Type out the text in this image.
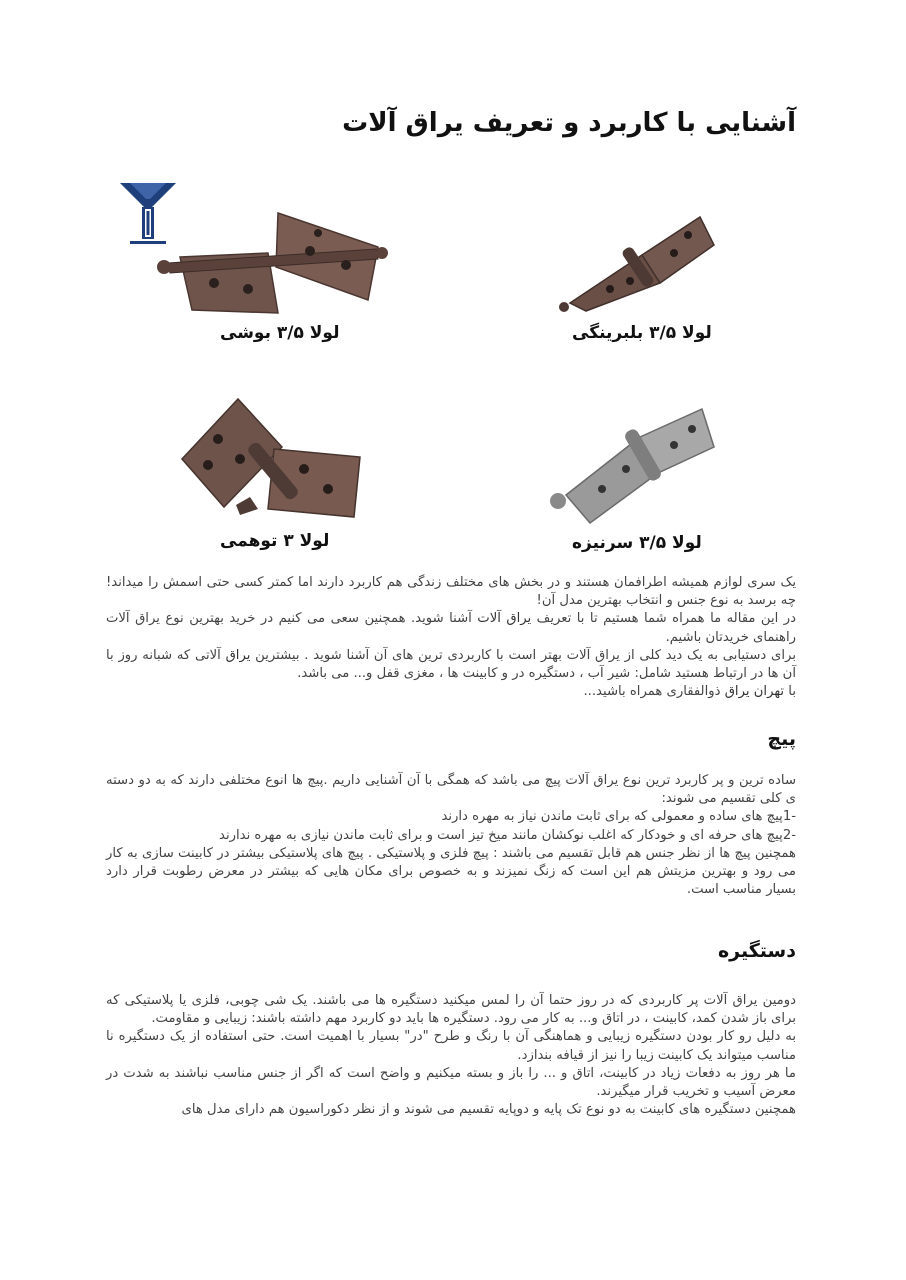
آشنایی با کاربرد و تعریف یراق آلات
لولا ۳/۵ بوشی	لولا ۳/۵ بلبرینگی
لولا ۳ توهمی	لولا ۳/۵ سرنیزه

یک سری لوازم همیشه اطرافمان هستند و در بخش های مختلف زندگی هم کاربرد دارند اما کمتر کسی حتی اسمش را میداند! چه برسد به نوع جنس و انتخاب بهترین مدل آن!

در این مقاله ما همراه شما هستیم تا با تعریف یراق آلات آشنا شوید. همچنین سعی می کنیم در خرید بهترین نوع یراق آلات راهنمای خریدتان باشیم.

برای دستیابی به یک دید کلی از یراق آلات بهتر است با کاربردی ترین های آن آشنا شوید . بیشترین یراق آلاتی که شبانه روز با آن ها در ارتباط هستید شامل: شیر آب ، دستگیره در و کابینت ها ، مغزی قفل و... می باشد.

با تهران یراق ذوالفقاری همراه باشید...

پیچ

ساده ترین و پر کاربرد ترین نوع یراق آلات پیچ می باشد که همگی با آن آشنایی داریم .پیچ ها انوع مختلفی دارند که به دو دسته ی کلی تقسیم می شوند:

-1پیچ های ساده و معمولی که برای ثابت ماندن نیاز به مهره دارند

-2پیچ های حرفه ای و خودکار که اغلب نوکشان مانند میخ تیز است و برای ثابت ماندن نیازی به مهره ندارند

همچنین پیچ ها از نظر جنس هم قابل تقسیم می باشند : پیچ فلزی و پلاستیکی . پیچ های پلاستیکی بیشتر در کابینت سازی به کار می رود و بهترین مزیتش هم این است که زنگ نمیزند و به خصوص برای مکان هایی که بیشتر در معرض رطوبت قرار دارد بسیار مناسب است.

دستگیره

دومین یراق آلات پر کاربردی که در روز حتما آن را لمس میکنید دستگیره ها می باشند. یک شی چوبی، فلزی یا پلاستیکی که برای باز شدن کمد، کابینت ، در اتاق و... به کار می رود. دستگیره ها باید دو کاربرد مهم داشته باشند: زیبایی و مقاومت.

به دلیل رو کار بودن دستگیره زیبایی و هماهنگی آن با رنگ و طرح "در" بسیار با اهمیت است. حتی استفاده از یک دستگیره نا مناسب میتواند یک کابینت زیبا را نیز از قیافه بندازد.

ما هر روز به دفعات زیاد در کابینت، اتاق و ... را باز و بسته میکنیم و واضح است که اگر از جنس مناسب نباشند به شدت در معرض آسیب و تخریب قرار میگیرند.

همچنین دستگیره های کابینت به دو نوع تک پایه و دوپایه تقسیم می شوند و از نظر دکوراسیون هم دارای مدل های
